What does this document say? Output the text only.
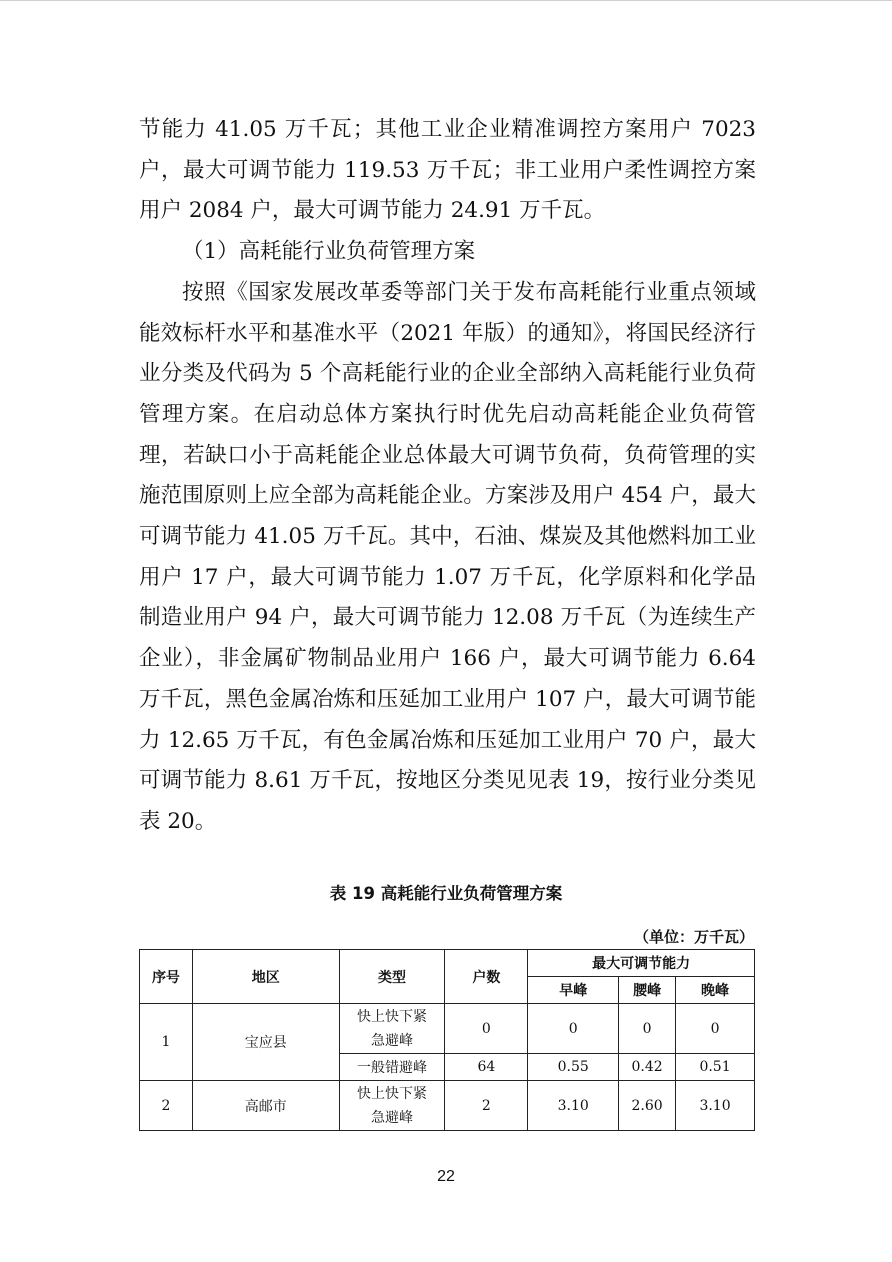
节能力 41.05 万千瓦；其他工业企业精准调控方案用户 7023 户，最大可调节能力 119.53 万千瓦；非工业用户柔性调控方案用户 2084 户，最大可调节能力 24.91 万千瓦。

（1）高耗能行业负荷管理方案

按照《国家发展改革委等部门关于发布高耗能行业重点领域能效标杆水平和基准水平（2021 年版）的通知》，将国民经济行业分类及代码为 5 个高耗能行业的企业全部纳入高耗能行业负荷管理方案。在启动总体方案执行时优先启动高耗能企业负荷管理，若缺口小于高耗能企业总体最大可调节负荷，负荷管理的实施范围原则上应全部为高耗能企业。方案涉及用户 454 户，最大可调节能力 41.05 万千瓦。其中，石油、煤炭及其他燃料加工业用户 17 户，最大可调节能力 1.07 万千瓦，化学原料和化学品制造业用户 94 户，最大可调节能力 12.08 万千瓦（为连续生产企业），非金属矿物制品业用户 166 户，最大可调节能力 6.64 万千瓦，黑色金属冶炼和压延加工业用户 107 户，最大可调节能力 12.65 万千瓦，有色金属冶炼和压延加工业用户 70 户，最大可调节能力 8.61 万千瓦，按地区分类见见表 19，按行业分类见表 20。

表 19 高耗能行业负荷管理方案
（单位：万千瓦）
序号	地区	类型	户数	最大可调节能力		
				早峰	腰峰	晚峰
1	宝应县	快上快下紧急避峰	0	0	0	0
		一般错避峰	64	0.55	0.42	0.51
2	高邮市	快上快下紧急避峰	2	3.10	2.60	3.10
22
